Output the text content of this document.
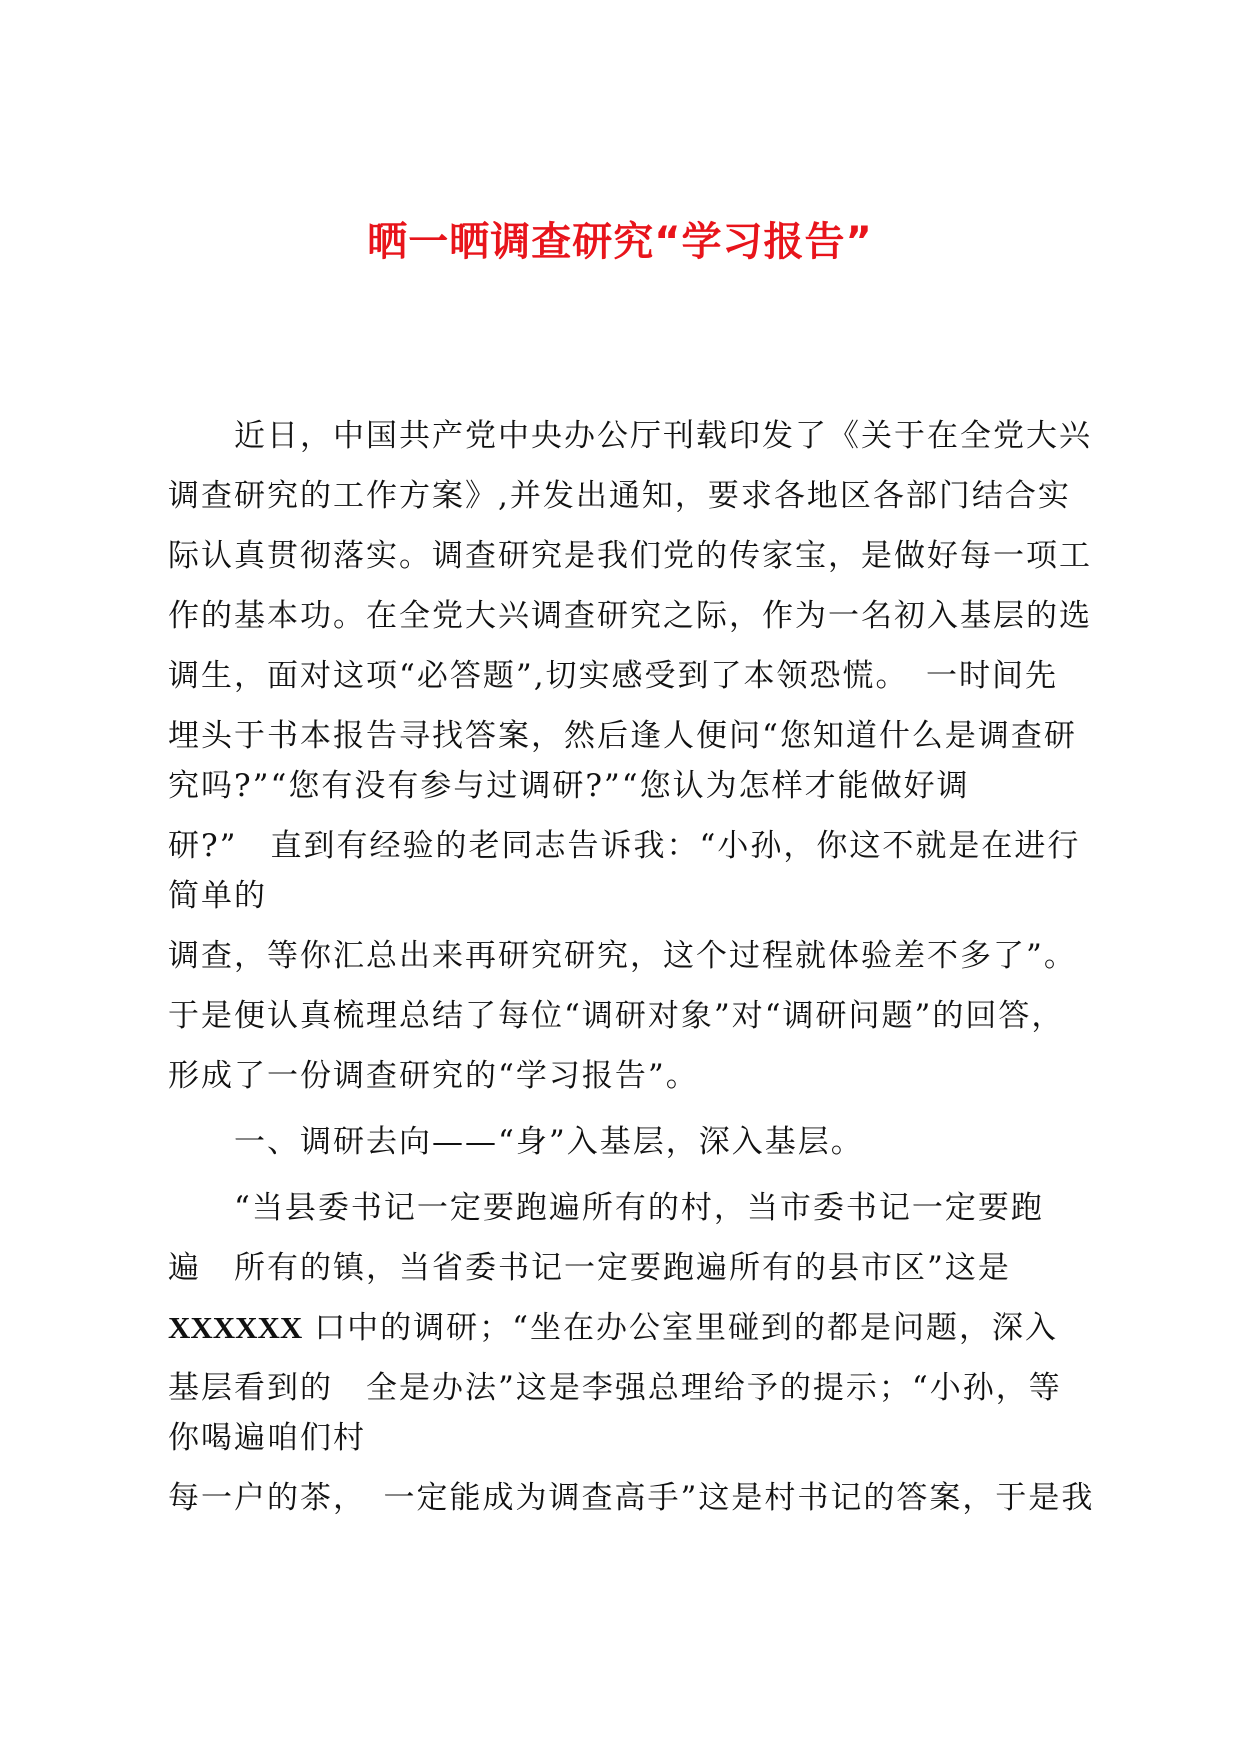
晒一晒调查研究“学习报告”
近日，中国共产党中央办公厅刊载印发了《关于在全党大兴
调查研究的工作方案》,并发出通知，要求各地区各部门结合实
际认真贯彻落实。调查研究是我们党的传家宝，是做好每一项工
作的基本功。在全党大兴调查研究之际，作为一名初入基层的选
调生，面对这项“必答题”,切实感受到了本领恐慌。　一时间先
埋头于书本报告寻找答案，然后逢人便问“您知道什么是调查研
究吗?”“您有没有参与过调研?”“您认为怎样才能做好调
研?”　直到有经验的老同志告诉我：“小孙，你这不就是在进行
简单的
调查，等你汇总出来再研究研究，这个过程就体验差不多了”。
于是便认真梳理总结了每位“调研对象”对“调研问题”的回答，
形成了一份调查研究的“学习报告”。
一、调研去向——“身”入基层，深入基层。
“当县委书记一定要跑遍所有的村，当市委书记一定要跑
遍　所有的镇，当省委书记一定要跑遍所有的县市区”这是
XXXXXX 口中的调研；“坐在办公室里碰到的都是问题，深入
基层看到的　全是办法”这是李强总理给予的提示；“小孙，等
你喝遍咱们村
每一户的茶，　一定能成为调查高手”这是村书记的答案，于是我
